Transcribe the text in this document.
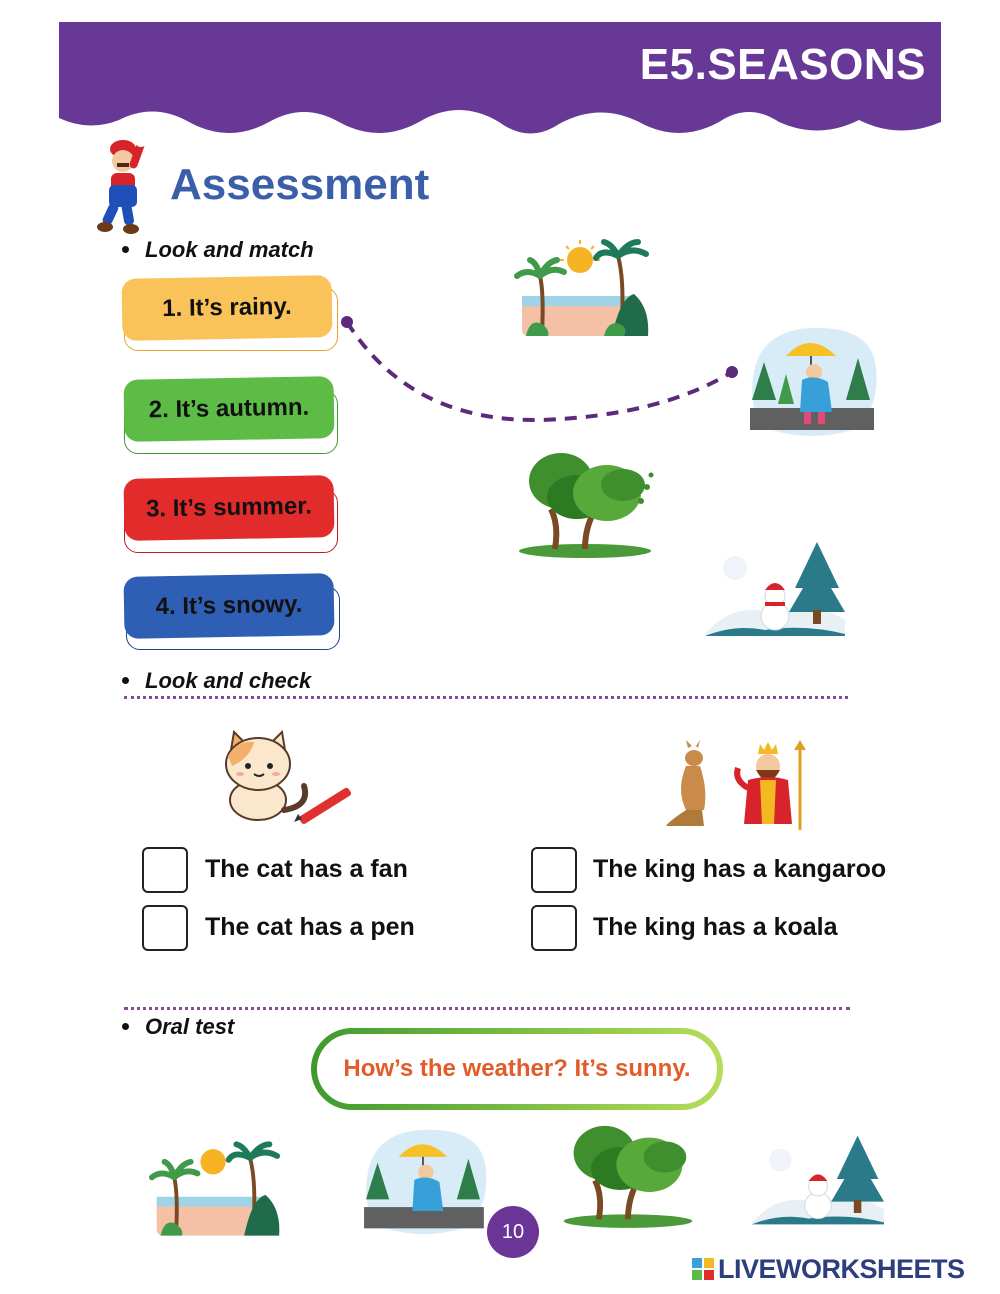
E5.SEASONS
Assessment
Look and match
1. It’s rainy.
2. It’s autumn.
3. It’s summer.
4. It’s snowy.
Look and check
The cat has a fan
The cat has a pen
The king has a kangaroo
The king has a koala
Oral test
How’s the weather? It’s sunny.
10
LIVEWORKSHEETS
